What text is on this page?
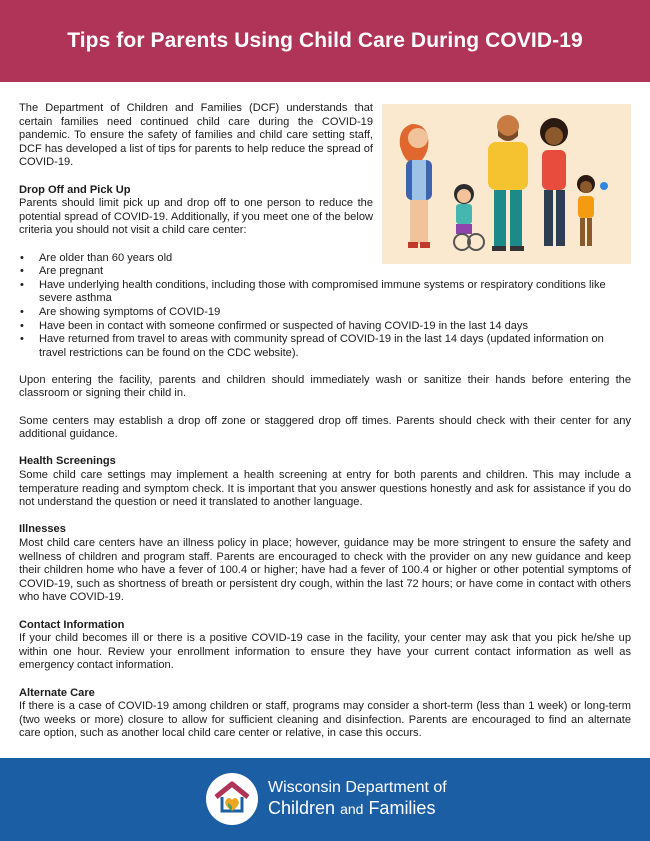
Tips for Parents Using Child Care During COVID-19

The Department of Children and Families (DCF) understands that certain families need continued child care during the COVID-19 pandemic. To ensure the safety of families and child care setting staff, DCF has developed a list of tips for parents to help reduce the spread of COVID-19.

Drop Off and Pick Up

Parents should limit pick up and drop off to one person to reduce the potential spread of COVID-19. Additionally, if you meet one of the below criteria you should not visit a child care center:

• Are older than 60 years old
• Are pregnant
• Have underlying health conditions, including those with compromised immune systems or respiratory conditions like severe asthma
• Are showing symptoms of COVID-19
• Have been in contact with someone confirmed or suspected of having COVID-19 in the last 14 days
• Have returned from travel to areas with community spread of COVID-19 in the last 14 days (updated information on travel restrictions can be found on the CDC website).

Upon entering the facility, parents and children should immediately wash or sanitize their hands before entering the classroom or signing their child in.

Some centers may establish a drop off zone or staggered drop off times. Parents should check with their center for any additional guidance.

Health Screenings

Some child care settings may implement a health screening at entry for both parents and children. This may include a temperature reading and symptom check. It is important that you answer questions honestly and ask for assistance if you do not understand the question or need it translated to another language.

Illnesses

Most child care centers have an illness policy in place; however, guidance may be more stringent to ensure the safety and wellness of children and program staff. Parents are encouraged to check with the provider on any new guidance and keep their children home who have a fever of 100.4 or higher; have had a fever of 100.4 or higher or other potential symptoms of COVID-19, such as shortness of breath or persistent dry cough, within the last 72 hours; or have come in contact with others who have COVID-19.

Contact Information

If your child becomes ill or there is a positive COVID-19 case in the facility, your center may ask that you pick he/she up within one hour. Review your enrollment information to ensure they have your current contact information as well as emergency contact information.

Alternate Care

If there is a case of COVID-19 among children or staff, programs may consider a short-term (less than 1 week) or long-term (two weeks or more) closure to allow for sufficient cleaning and disinfection. Parents are encouraged to find an alternate care option, such as another local child care center or relative, in case this occurs.

Wisconsin Department of
Children and Families
